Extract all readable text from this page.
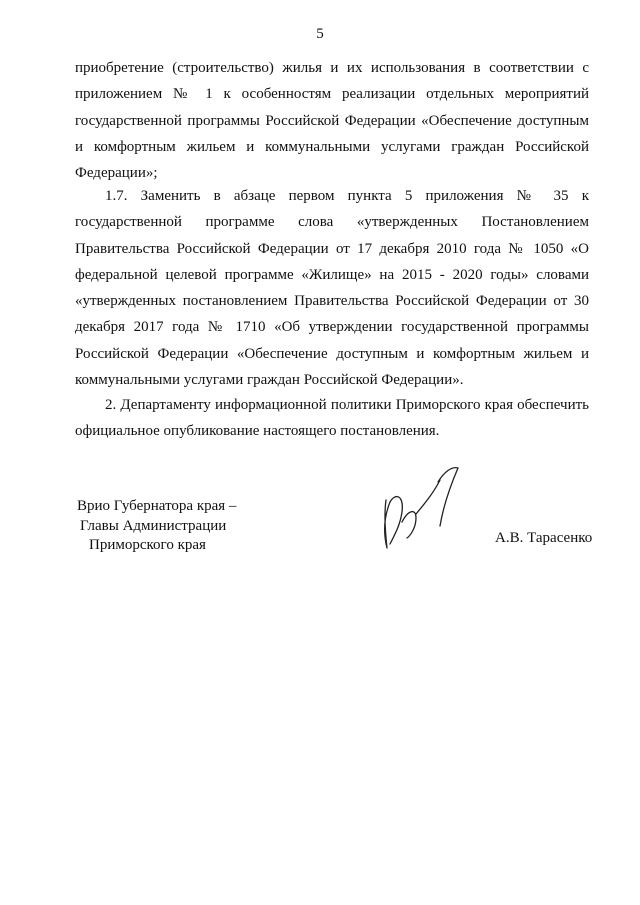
5

приобретение (строительство) жилья и их использования в соответствии с приложением № 1 к особенностям реализации отдельных мероприятий государственной программы Российской Федерации «Обеспечение доступным и комфортным жильем и коммунальными услугами граждан Российской Федерации»;

1.7. Заменить в абзаце первом пункта 5 приложения № 35 к государственной программе слова «утвержденных Постановлением Правительства Российской Федерации от 17 декабря 2010 года № 1050 «О федеральной целевой программе «Жилище» на 2015 - 2020 годы» словами «утвержденных постановлением Правительства Российской Федерации от 30 декабря 2017 года № 1710 «Об утверждении государственной программы Российской Федерации «Обеспечение доступным и комфортным жильем и коммунальными услугами граждан Российской Федерации».

2. Департаменту информационной политики Приморского края обеспечить официальное опубликование настоящего постановления.

Врио Губернатора края –
Главы Администрации
Приморского края	А.В. Тарасенко
